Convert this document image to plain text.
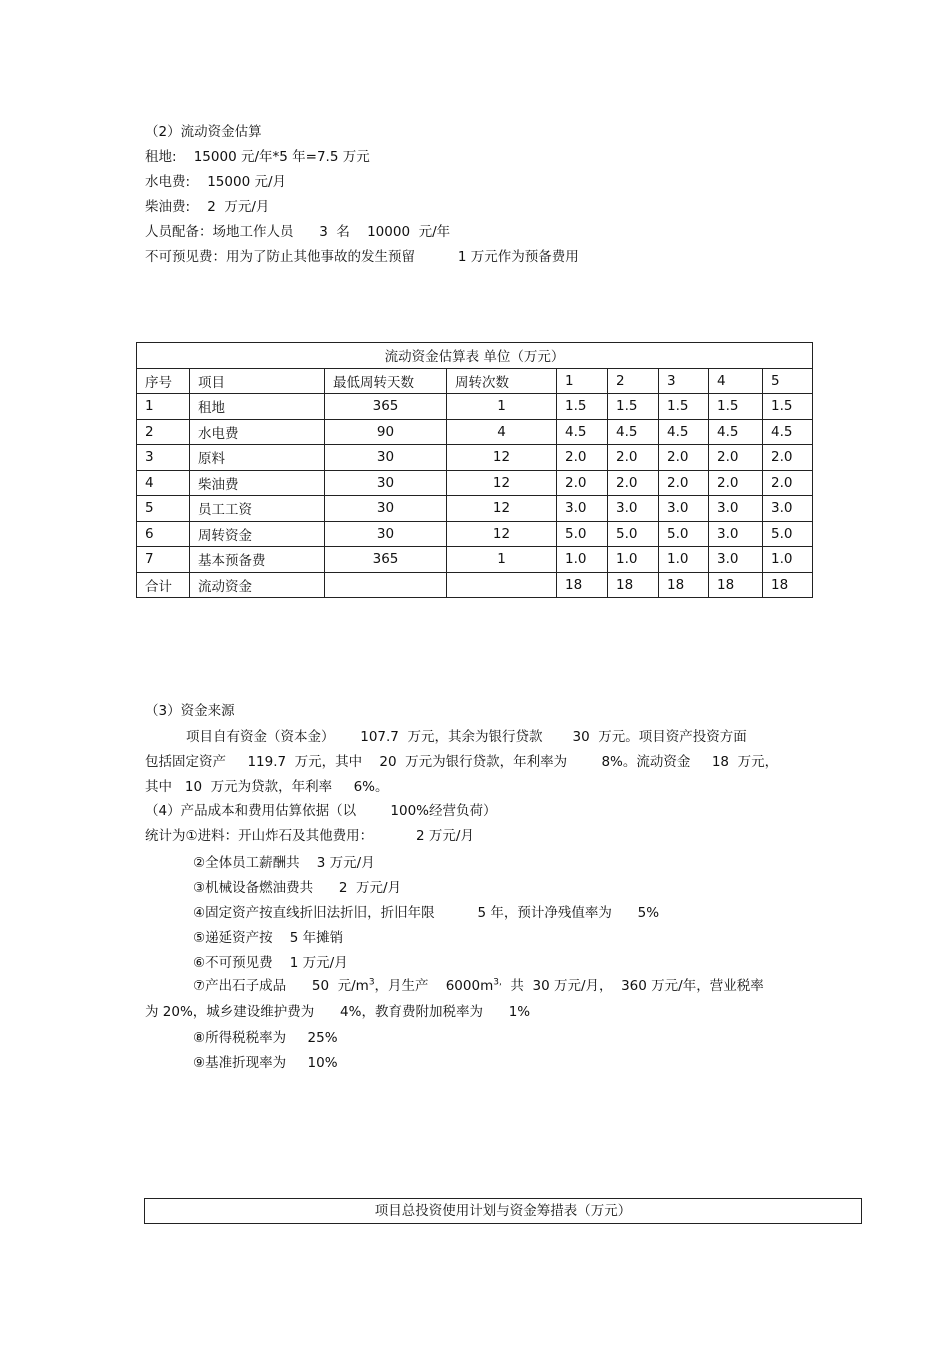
（2）流动资金估算
租地:    15000 元/年*5 年=7.5 万元
水电费:    15000 元/月
柴油费:    2  万元/月
人员配备：场地工作人员      3  名    10000  元/年
不可预见费：用为了防止其他事故的发生预留          1 万元作为预备费用
流动资金估算表 单位（万元）								
序号	项目	最低周转天数	周转次数	1	2	3	4	5
1	租地	365	1	1.5	1.5	1.5	1.5	1.5
2	水电费	90	4	4.5	4.5	4.5	4.5	4.5
3	原料	30	12	2.0	2.0	2.0	2.0	2.0
4	柴油费	30	12	2.0	2.0	2.0	2.0	2.0
5	员工工资	30	12	3.0	3.0	3.0	3.0	3.0
6	周转资金	30	12	5.0	5.0	5.0	3.0	5.0
7	基本预备费	365	1	1.0	1.0	1.0	3.0	1.0
合计	流动资金			18	18	18	18	18
（3）资金来源
项目自有资金（资本金）      107.7  万元，其余为银行贷款       30  万元。项目资产投资方面
包括固定资产     119.7  万元，其中    20  万元为银行贷款，年利率为        8%。流动资金     18  万元，
其中   10  万元为贷款，年利率     6%。
（4）产品成本和费用估算依据（以        100%经营负荷）
统计为①进料：开山炸石及其他费用：          2 万元/月
②全体员工薪酬共    3 万元/月
③机械设备燃油费共      2  万元/月
④固定资产按直线折旧法折旧，折旧年限          5 年，预计净残值率为      5%
⑤递延资产按    5 年摊销
⑥不可预见费    1 万元/月
⑦产出石子成品      50  元$/m^3$，月生产    $6000m^{3,}$  共  30 万元/月，  360 万元/年，营业税率
为 20%，城乡建设维护费为      4%，教育费附加税率为      1%
⑧所得税税率为     25%
⑨基准折现率为     10%
项目总投资使用计划与资金筹措表（万元）
